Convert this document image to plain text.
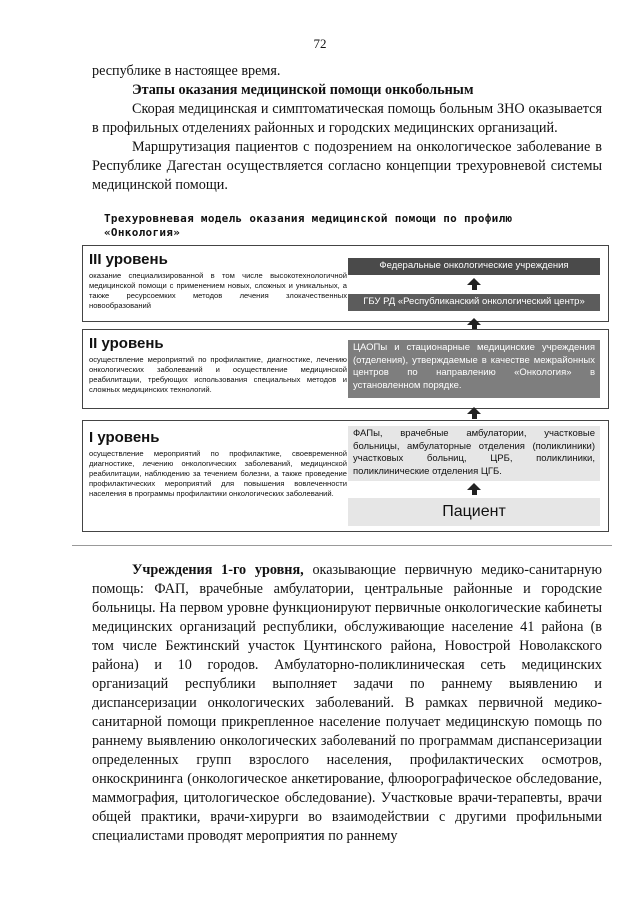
72

республике в настоящее время.

Этапы оказания медицинской помощи онкобольным

Скорая медицинская и симптоматическая помощь больным ЗНО оказывается в профильных отделениях районных и городских медицинских организаций.

Маршрутизация пациентов с подозрением на онкологическое заболевание в Республике Дагестан осуществляется согласно концепции трехуровневой системы медицинской помощи.

Трехуровневая модель оказания медицинской помощи по профилю «Онкология»
III уровень
оказание специализированной в том числе высокотехнологичной медицинской помощи с применением новых, сложных и уникальных, а также ресурсоемких методов лечения злокачественных новообразований
Федеральные онкологические учреждения
ГБУ РД «Республиканский онкологический центр»
II уровень
осуществление мероприятий по профилактике, диагностике, лечению онкологических заболеваний и осуществление медицинской реабилитации, требующих использования специальных методов и сложных медицинских технологий.
ЦАОПы и стационарные медицинские учреждения (отделения), утверждаемые в качестве межрайонных центров по направлению «Онкология» в установленном порядке.
I уровень
осуществление мероприятий по профилактике, своевременной диагностике, лечению онкологических заболеваний, медицинской реабилитации, наблюдению за течением болезни, а также проведение профилактических мероприятий для повышения вовлеченности населения в программы профилактики онкологических заболеваний.
ФАПы, врачебные амбулатории, участковые больницы, амбулаторные отделения (поликлиники) участковых больниц, ЦРБ, поликлиники, поликлинические отделения ЦГБ.
Пациент

Учреждения 1-го уровня, оказывающие первичную медико-санитарную помощь: ФАП, врачебные амбулатории, центральные районные и городские больницы. На первом уровне функционируют первичные онкологические кабинеты медицинских организаций республики, обслуживающие население 41 района (в том числе Бежтинский участок Цунтинского района, Новострой Новолакского района) и 10 городов. Амбулаторно-поликлиническая сеть медицинских организаций республики выполняет задачи по раннему выявлению и диспансеризации онкологических заболеваний. В рамках первичной медико-санитарной помощи прикрепленное население получает медицинскую помощь по раннему выявлению онкологических заболеваний по программам диспансеризации определенных групп взрослого населения, профилактических осмотров, онкоскрининга (онкологическое анкетирование, флюорографическое обследование, маммография, цитологическое обследование). Участковые врачи-терапевты, врачи общей практики, врачи-хирурги во взаимодействии с другими профильными специалистами проводят мероприятия по раннему
